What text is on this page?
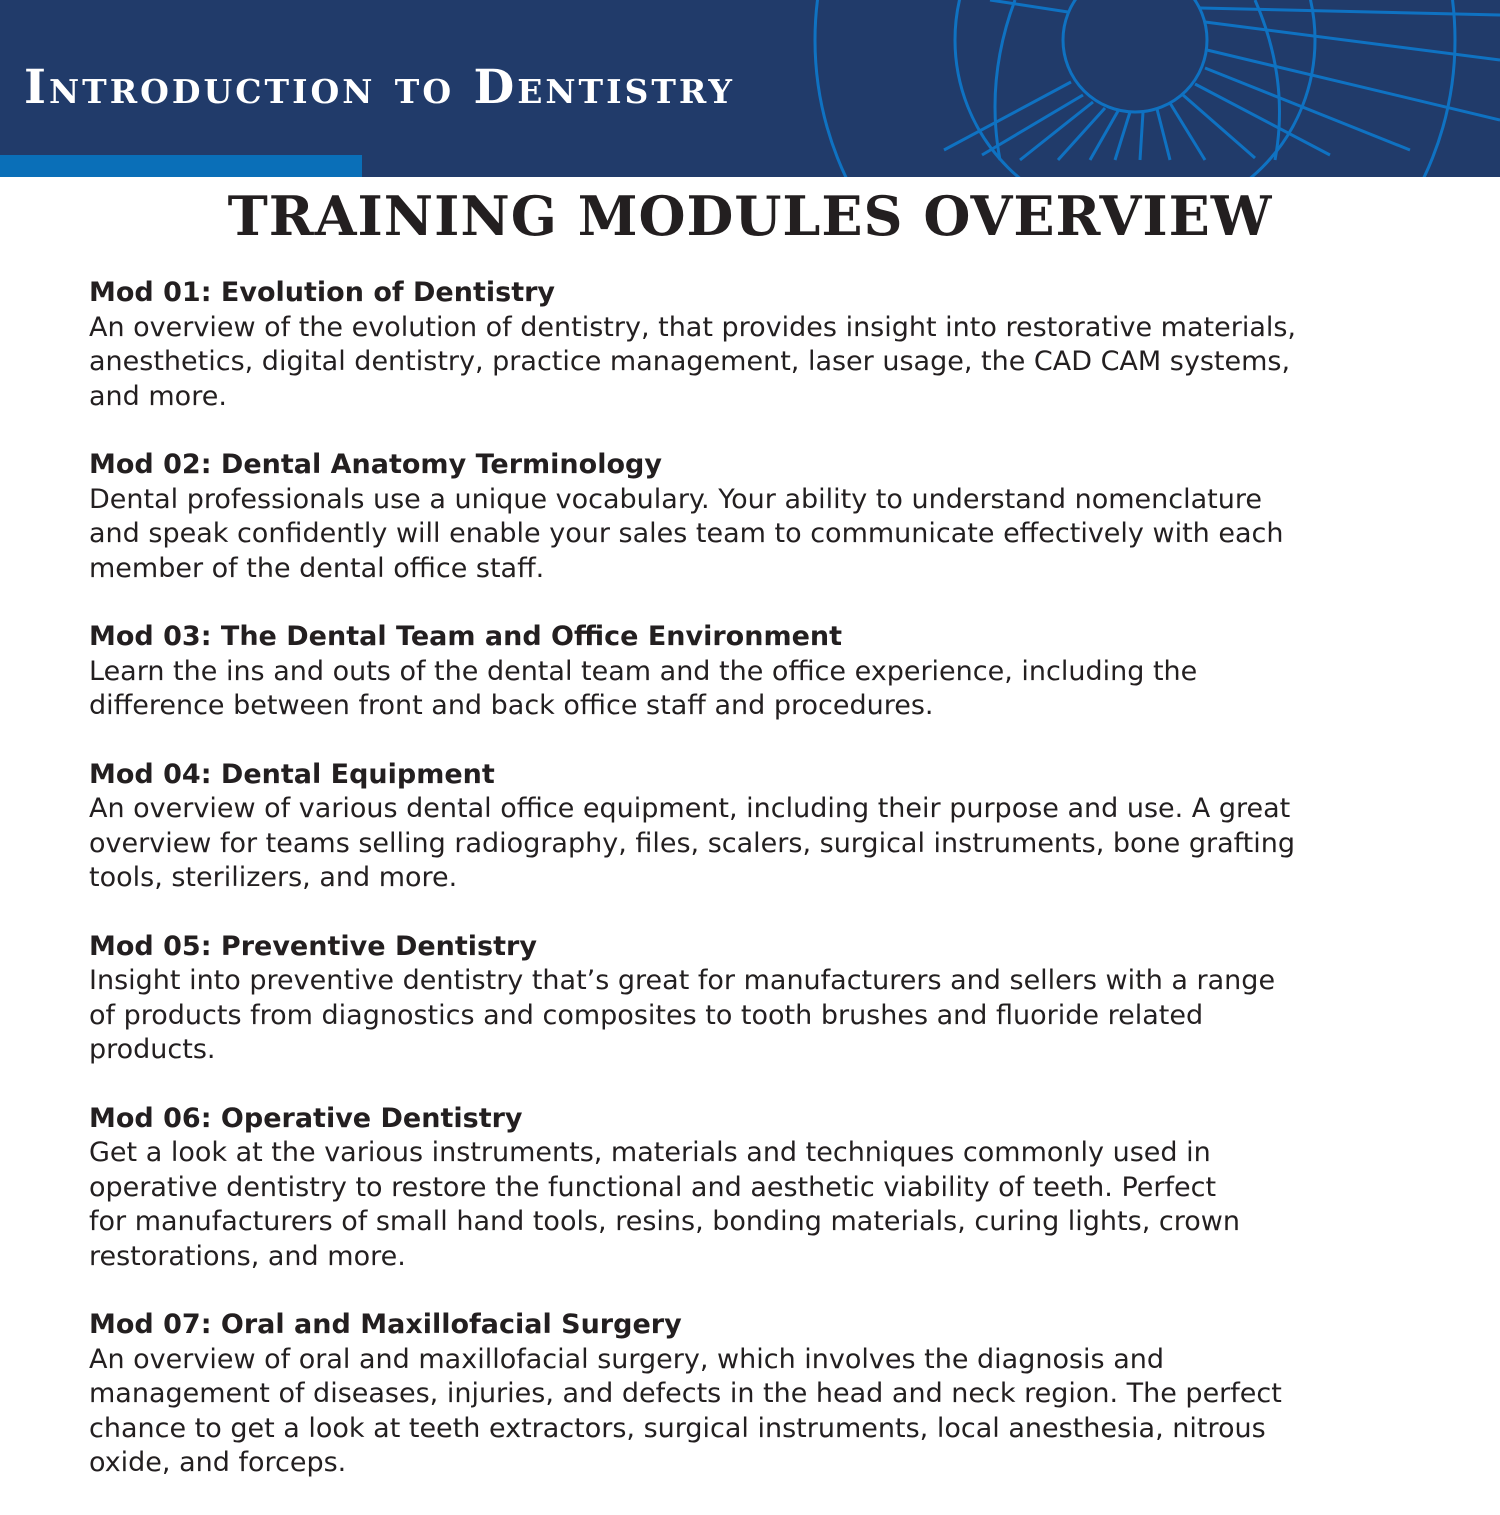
Introduction to Dentistry
TRAINING MODULES OVERVIEW

Mod 01: Evolution of Dentistry

An overview of the evolution of dentistry, that provides insight into restorative materials,
anesthetics, digital dentistry, practice management, laser usage, the CAD CAM systems,
and more.

Mod 02: Dental Anatomy Terminology

Dental professionals use a unique vocabulary. Your ability to understand nomenclature
and speak confidently will enable your sales team to communicate effectively with each
member of the dental office staff.

Mod 03: The Dental Team and Office Environment

Learn the ins and outs of the dental team and the office experience, including the
difference between front and back office staff and procedures.

Mod 04: Dental Equipment

An overview of various dental office equipment, including their purpose and use. A great
overview for teams selling radiography, files, scalers, surgical instruments, bone grafting
tools, sterilizers, and more.

Mod 05: Preventive Dentistry

Insight into preventive dentistry that’s great for manufacturers and sellers with a range
of products from diagnostics and composites to tooth brushes and fluoride related
products.

Mod 06: Operative Dentistry

Get a look at the various instruments, materials and techniques commonly used in
operative dentistry to restore the functional and aesthetic viability of teeth. Perfect
for manufacturers of small hand tools, resins, bonding materials, curing lights, crown
restorations, and more.

Mod 07: Oral and Maxillofacial Surgery

An overview of oral and maxillofacial surgery, which involves the diagnosis and
management of diseases, injuries, and defects in the head and neck region. The perfect
chance to get a look at teeth extractors, surgical instruments, local anesthesia, nitrous
oxide, and forceps.
